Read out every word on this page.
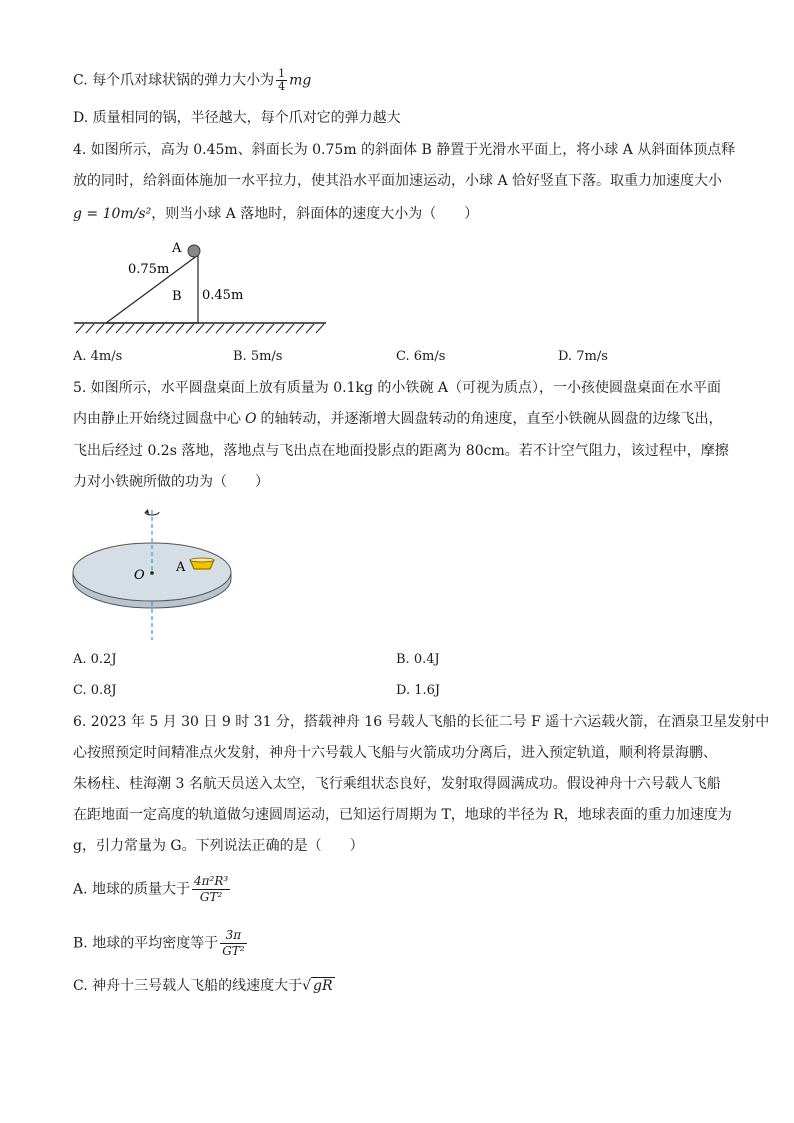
C. 每个爪对球状锅的弹力大小为 $\frac{1}{4}$ mg
D. 质量相同的锅，半径越大，每个爪对它的弹力越大
4. 如图所示，高为 0.45m、斜面长为 0.75m 的斜面体 B 静置于光滑水平面上，将小球 A 从斜面体顶点释
放的同时，给斜面体施加一水平拉力，使其沿水平面加速运动，小球 A 恰好竖直下落。取重力加速度大小
g = 10m/s²，则当小球 A 落地时，斜面体的速度大小为（　　）
A
0.75m
B 0.45m
A. 4m/s	B. 5m/s	C. 6m/s	D. 7m/s
5. 如图所示，水平圆盘桌面上放有质量为 0.1kg 的小铁碗 A（可视为质点），一小孩使圆盘桌面在水平面
内由静止开始绕过圆盘中心 O 的轴转动，并逐渐增大圆盘转动的角速度，直至小铁碗从圆盘的边缘飞出，
飞出后经过 0.2s 落地，落地点与飞出点在地面投影点的距离为 80cm。若不计空气阻力，该过程中，摩擦
力对小铁碗所做的功为（　　）
O
A
A. 0.2J	B. 0.4J
C. 0.8J	D. 1.6J
6. 2023 年 5 月 30 日 9 时 31 分，搭载神舟 16 号载人飞船的长征二号 F 遥十六运载火箭，在酒泉卫星发射中
心按照预定时间精准点火发射，神舟十六号载人飞船与火箭成功分离后，进入预定轨道，顺利将景海鹏、
朱杨柱、桂海潮 3 名航天员送入太空，飞行乘组状态良好，发射取得圆满成功。假设神舟十六号载人飞船
在距地面一定高度的轨道做匀速圆周运动，已知运行周期为 T，地球的半径为 R，地球表面的重力加速度为
g，引力常量为 G。下列说法正确的是（　　）
A. 地球的质量大于 $\frac{\text{4π²R³}}{\text{GT²}}$
B. 地球的平均密度等于 $\frac{3\pi}{\text{GT²}}$
C. 神舟十三号载人飞船的线速度大于√ gR
